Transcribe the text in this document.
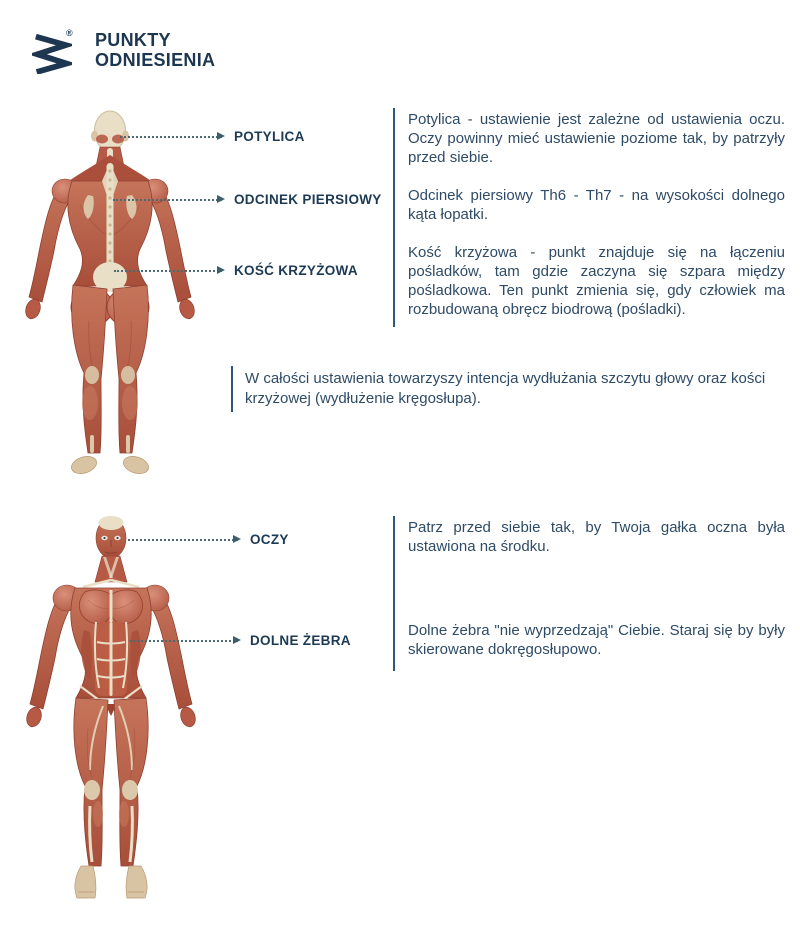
® PUNKTY
ODNIESIENIA
POTYLICA
ODCINEK PIERSIOWY
KOŚĆ KRZYŻOWA

Potylica - ustawienie jest zależne od ustawienia oczu. Oczy powinny mieć ustawienie poziome tak, by patrzyły przed siebie.

Odcinek piersiowy Th6 - Th7 - na wysokości dolnego kąta łopatki.

Kość krzyżowa - punkt znajduje się na łączeniu pośladków, tam gdzie zaczyna się szpara między pośladkowa. Ten punkt zmienia się, gdy człowiek ma rozbudowaną obręcz biodrową (pośladki).

W całości ustawienia towarzyszy intencja wydłużania szczytu głowy oraz kości krzyżowej (wydłużenie kręgosłupa).

OCZY
DOLNE ŻEBRA

Patrz przed siebie tak, by Twoja gałka oczna była ustawiona na środku.

Dolne żebra "nie wyprzedzają" Ciebie. Staraj się by były skierowane dokręgosłupowo.
